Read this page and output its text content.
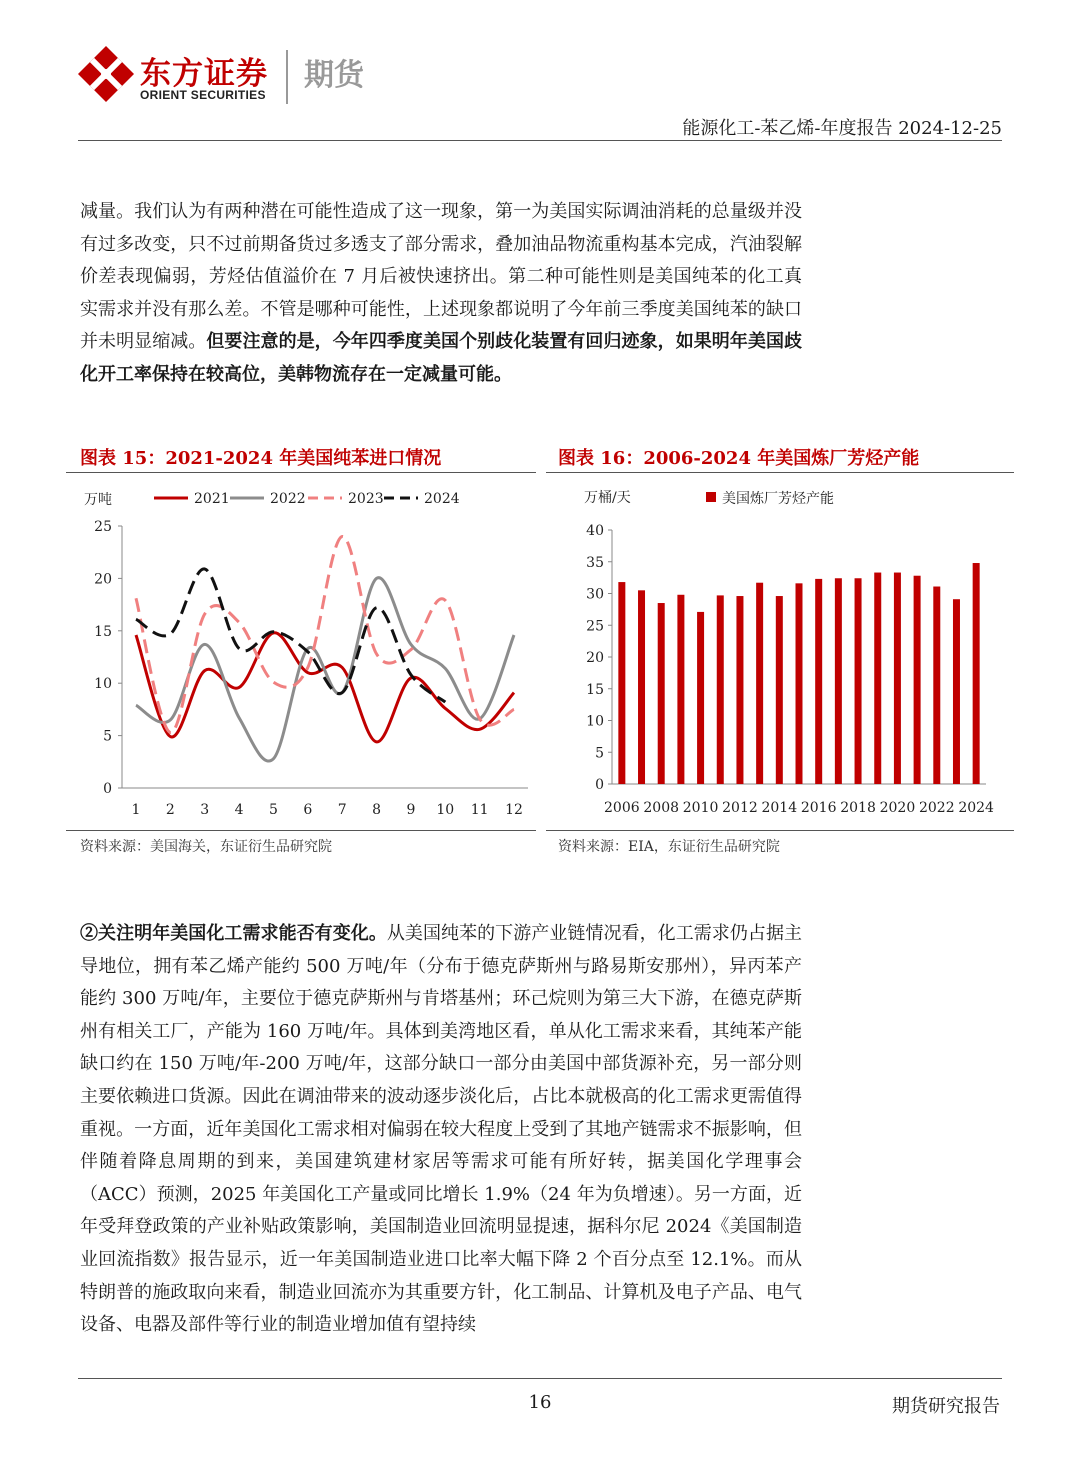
东方证券
ORIENT SECURITIES
期货
能源化工-苯乙烯-年度报告 2024-12-25

减量。我们认为有两种潜在可能性造成了这一现象，第一为美国实际调油消耗的总量级并没有过多改变，只不过前期备货过多透支了部分需求，叠加油品物流重构基本完成，汽油裂解价差表现偏弱，芳烃估值溢价在 7 月后被快速挤出。第二种可能性则是美国纯苯的化工真实需求并没有那么差。不管是哪种可能性，上述现象都说明了今年前三季度美国纯苯的缺口并未明显缩减。但要注意的是，今年四季度美国个别歧化装置有回归迹象，如果明年美国歧化开工率保持在较高位，美韩物流存在一定减量可能。

图表 15：2021-2024 年美国纯苯进口情况
0
5
10
15
20
25
1 2 3 4 5 6 7 8 9 10 11 12
万吨	2021	2022	2023	2024
资料来源：美国海关，东证衍生品研究院
图表 16：2006-2024 年美国炼厂芳烃产能
0
5
10
15
20
25
30
35
40
2006 2008 2010 2012 2014 2016 2018 2020 2022 2024
万桶/天	美国炼厂芳烃产能
资料来源：EIA，东证衍生品研究院

②关注明年美国化工需求能否有变化。从美国纯苯的下游产业链情况看，化工需求仍占据主导地位，拥有苯乙烯产能约 500 万吨/年（分布于德克萨斯州与路易斯安那州），异丙苯产能约 300 万吨/年，主要位于德克萨斯州与肯塔基州；环己烷则为第三大下游，在德克萨斯州有相关工厂，产能为 160 万吨/年。具体到美湾地区看，单从化工需求来看，其纯苯产能缺口约在 150 万吨/年-200 万吨/年，这部分缺口一部分由美国中部货源补充，另一部分则主要依赖进口货源。因此在调油带来的波动逐步淡化后，占比本就极高的化工需求更需值得重视。一方面，近年美国化工需求相对偏弱在较大程度上受到了其地产链需求不振影响，但伴随着降息周期的到来，美国建筑建材家居等需求可能有所好转，据美国化学理事会（ACC）预测，2025 年美国化工产量或同比增长 1.9%（24 年为负增速）。另一方面，近年受拜登政策的产业补贴政策影响，美国制造业回流明显提速，据科尔尼 2024《美国制造业回流指数》报告显示，近一年美国制造业进口比率大幅下降 2 个百分点至 12.1%。而从特朗普的施政取向来看，制造业回流亦为其重要方针，化工制品、计算机及电子产品、电气设备、电器及部件等行业的制造业增加值有望持续

16	期货研究报告
